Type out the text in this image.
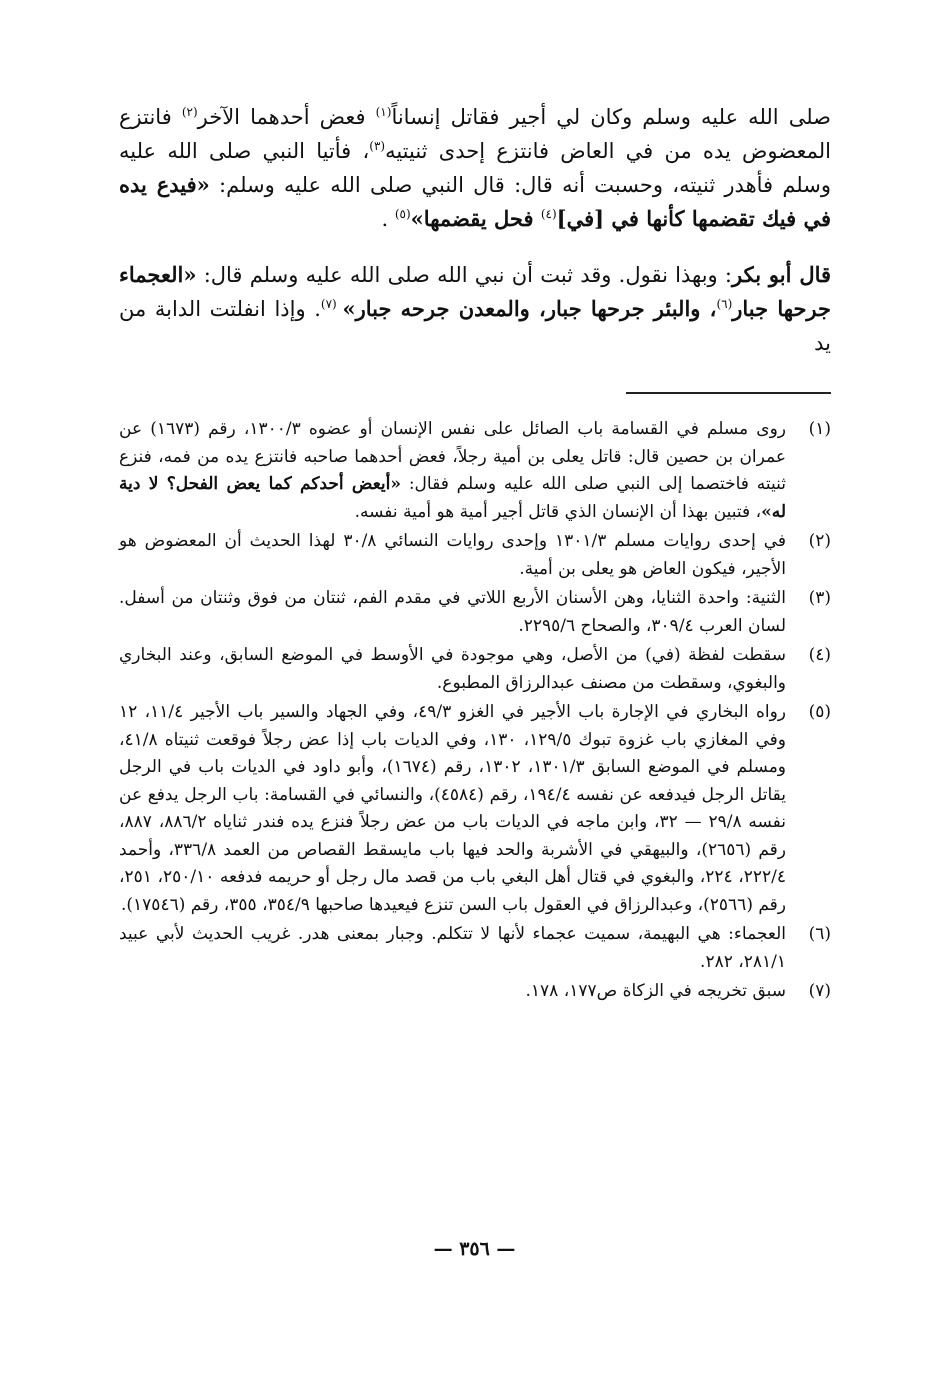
صلى الله عليه وسلم وكان لي أجير فقاتل إنساناً$^{(١)}$ فعض أحدهما الآخر$^{(٢)}$ فانتزع المعضوض يده من في العاض فانتزع إحدى ثنيتيه$^{(٣)}$، فأتيا النبي صلى الله عليه وسلم فأهدر ثنيته، وحسبت أنه قال: قال النبي صلى الله عليه وسلم: «فيدع يده في فيك تقضمها كأنها في [في]$^{(٤)}$ فحل يقضمها»$^{(٥)}$ .

قال أبو بكر: وبهذا نقول. وقد ثبت أن نبي الله صلى الله عليه وسلم قال: «العجماء جرحها جبار$^{(٦)}$، والبئر جرحها جبار، والمعدن جرحه جبار» $^{(٧)}$. وإذا انفلتت الدابة من يد

(١)
روى مسلم في القسامة باب الصائل على نفس الإنسان أو عضوه ١٣٠٠/٣، رقم (١٦٧٣) عن عمران بن حصين قال: قاتل يعلى بن أمية رجلاً، فعض أحدهما صاحبه فانتزع يده من فمه، فنزع ثنيته فاختصما إلى النبي صلى الله عليه وسلم فقال: «أيعض أحدكم كما يعض الفحل؟ لا دية له»، فتبين بهذا أن الإنسان الذي قاتل أجير أمية هو أمية نفسه.
(٢)
في إحدى روايات مسلم ١٣٠١/٣ وإحدى روايات النسائي ٣٠/٨ لهذا الحديث أن المعضوض هو الأجير، فيكون العاض هو يعلى بن أمية.
(٣)
الثنية: واحدة الثنايا، وهن الأسنان الأربع اللاتي في مقدم الفم، ثنتان من فوق وثنتان من أسفل. لسان العرب ٣٠٩/٤، والصحاح ٢٢٩٥/٦.
(٤)
سقطت لفظة (في) من الأصل، وهي موجودة في الأوسط في الموضع السابق، وعند البخاري والبغوي، وسقطت من مصنف عبدالرزاق المطبوع.
(٥)
رواه البخاري في الإجارة باب الأجير في الغزو ٤٩/٣، وفي الجهاد والسير باب الأجير ١١/٤، ١٢ وفي المغازي باب غزوة تبوك ١٢٩/٥، ١٣٠، وفي الديات باب إذا عض رجلاً فوقعت ثنيتاه ٤١/٨، ومسلم في الموضع السابق ١٣٠١/٣، ١٣٠٢، رقم (١٦٧٤)، وأبو داود في الديات باب في الرجل يقاتل الرجل فيدفعه عن نفسه ١٩٤/٤، رقم (٤٥٨٤)، والنسائي في القسامة: باب الرجل يدفع عن نفسه ٢٩/٨ — ٣٢، وابن ماجه في الديات باب من عض رجلاً فنزع يده فندر ثناياه ٨٨٦/٢، ٨٨٧، رقم (٢٦٥٦)، والبيهقي في الأشربة والحد فيها باب مايسقط القصاص من العمد ٣٣٦/٨، وأحمد ٢٢٢/٤، ٢٢٤، والبغوي في قتال أهل البغي باب من قصد مال رجل أو حريمه فدفعه ٢٥٠/١٠، ٢٥١، رقم (٢٥٦٦)، وعبدالرزاق في العقول باب السن تنزع فيعيدها صاحبها ٣٥٤/٩، ٣٥٥، رقم (١٧٥٤٦).
(٦)
العجماء: هي البهيمة، سميت عجماء لأنها لا تتكلم. وجبار بمعنى هدر. غريب الحديث لأبي عبيد ٢٨١/١، ٢٨٢.
(٧)
سبق تخريجه في الزكاة ص١٧٧، ١٧٨.
— ٣٥٦ —
